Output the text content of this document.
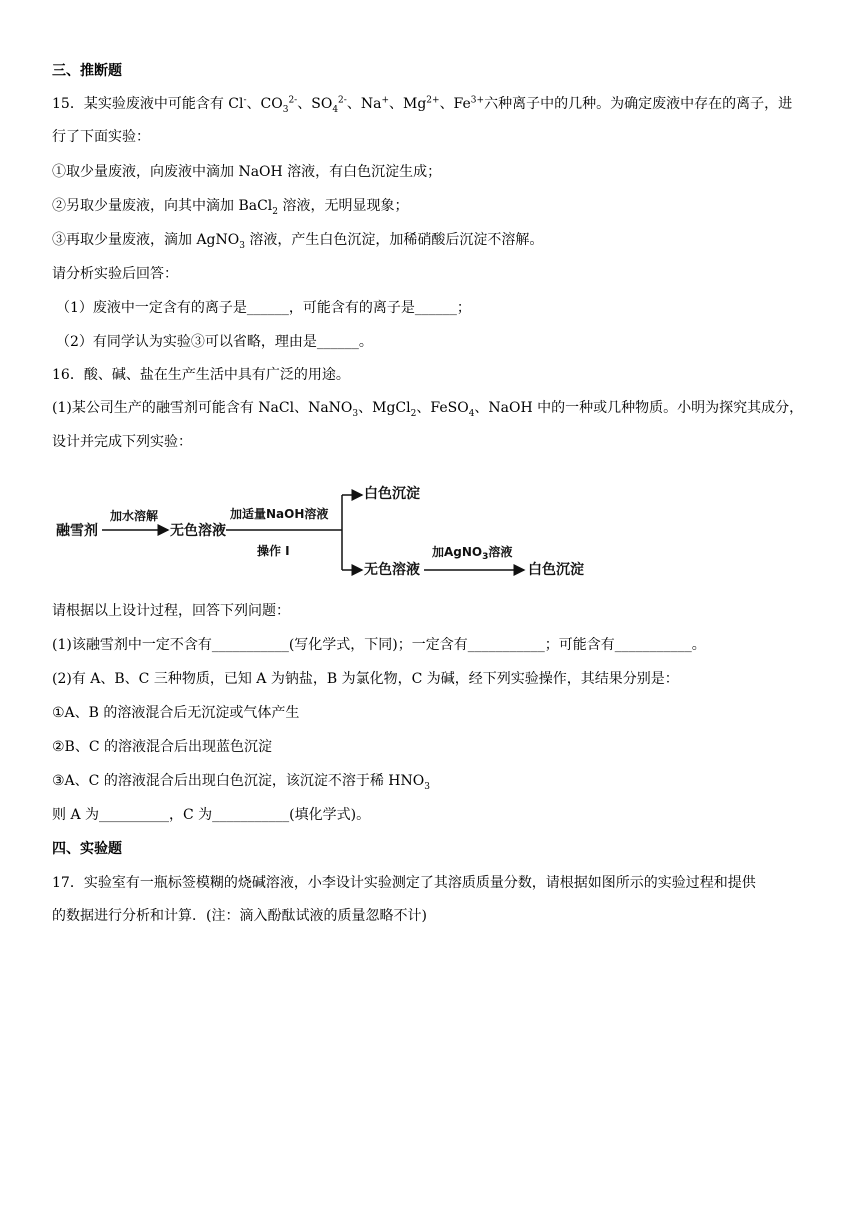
三、推断题
15．某实验废液中可能含有 Cl-、$CO_3^{2-}$、$SO_4^{2-}$、Na+、$Mg^{2+}$、$Fe^{3+}$六种离子中的几种。为确定废液中存在的离子，进
行了下面实验：
①取少量废液，向废液中滴加 NaOH 溶液，有白色沉淀生成；
②另取少量废液，向其中滴加 BaCl$_2$ 溶液，无明显现象；
③再取少量废液，滴加 AgNO$_3$ 溶液，产生白色沉淀，加稀硝酸后沉淀不溶解。
请分析实验后回答：
（1）废液中一定含有的离子是______，可能含有的离子是______；
（2）有同学认为实验③可以省略，理由是______。
16．酸、碱、盐在生产生活中具有广泛的用途。
(1)某公司生产的融雪剂可能含有 NaCl、NaNO$_3$、MgCl$_2$、FeSO$_4$、NaOH 中的一种或几种物质。小明为探究其成分，
设计并完成下列实验：
融雪剂
加水溶解
无色溶液
加适量NaOH溶液
操作 I
白色沉淀
无色溶液
加AgNO$_3$溶液
白色沉淀
请根据以上设计过程，回答下列问题：
(1)该融雪剂中一定不含有___________(写化学式，下同)；一定含有___________；可能含有___________。
(2)有 A、B、C 三种物质，已知 A 为钠盐，B 为氯化物，C 为碱，经下列实验操作，其结果分别是：
①A、B 的溶液混合后无沉淀或气体产生
②B、C 的溶液混合后出现蓝色沉淀
③A、C 的溶液混合后出现白色沉淀，该沉淀不溶于稀 $HNO_3$
则 A 为__________，C 为___________(填化学式)。
四、实验题
17．实验室有一瓶标签模糊的烧碱溶液，小李设计实验测定了其溶质质量分数，请根据如图所示的实验过程和提供
的数据进行分析和计算．(注：滴入酚酞试液的质量忽略不计)
